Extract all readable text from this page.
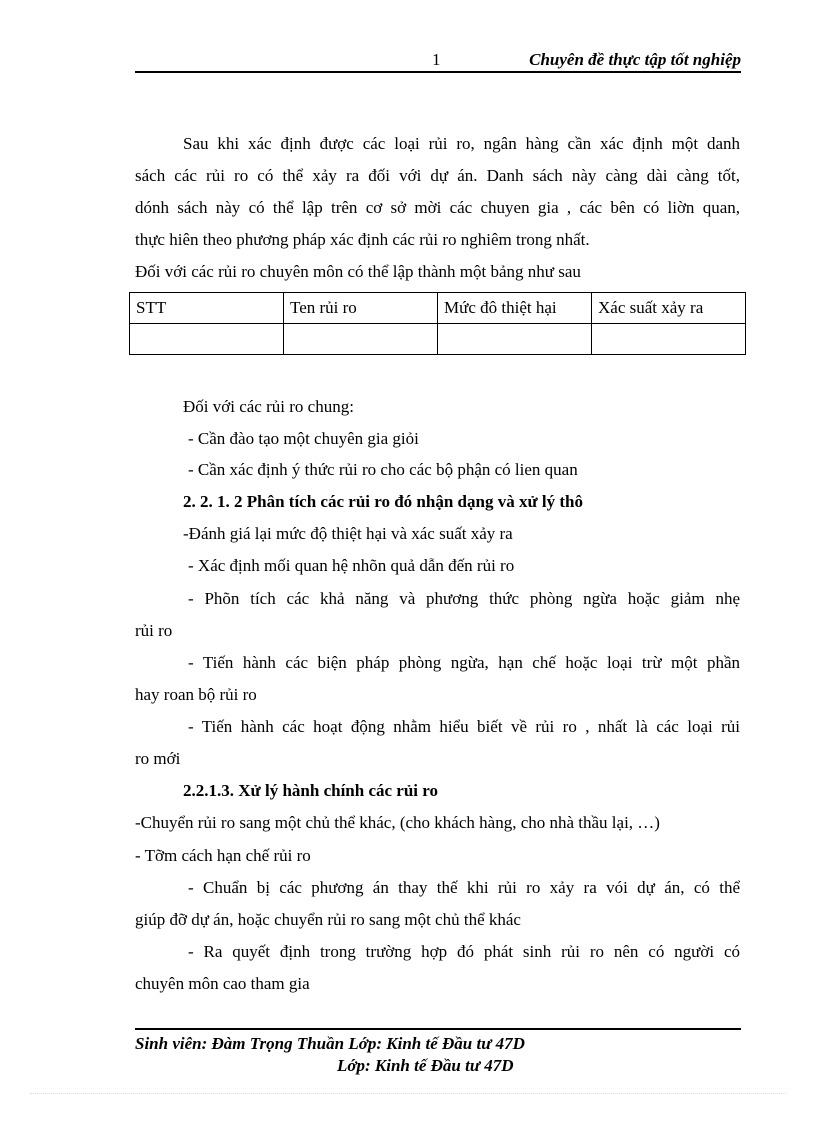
1	Chuyên đề thực tập tốt nghiệp
Sau khi xác định được các loại rủi ro, ngân hàng cần xác định một danh
sách các rủi ro có thể xảy ra đối với dự án. Danh sách này càng dài càng tốt,
dónh sách này có thể lập trên cơ sở mời các chuyen gia , các bên có liờn quan,
thực hiên theo phương pháp xác định các rủi ro nghiêm trong nhất.
Đối với các rủi ro chuyên môn có thể lập thành một bảng như sau
STT	Ten rủi ro	Mức đô thiệt hại	Xác suất xảy ra

Đối với các rủi ro chung:
- Cần đào tạo một chuyên gia giỏi
- Cần xác định ý thức rủi ro cho các bộ phận có lien quan
2. 2. 1. 2 Phân tích các rủi ro đó nhận dạng và xử lý thô
-Đánh giá lại mức độ thiệt hại và xác suất xảy ra
- Xác định mối quan hệ nhõn quả dẫn đến rủi ro
- Phõn tích các khả năng và phương thức phòng ngừa hoặc giảm nhẹ
rủi ro
- Tiến hành các biện pháp phòng ngừa, hạn chế hoặc loại trừ một phần
hay roan bộ rủi ro
- Tiến hành các hoạt động nhằm hiểu biết về rủi ro , nhất là các loại rủi
ro mới
2.2.1.3. Xử lý hành chính các rủi ro
-Chuyển rủi ro sang một chủ thể khác, (cho khách hàng, cho nhà thầu lại, …)
- Tỡm cách hạn chế rủi ro
- Chuẩn bị các phương án thay thế khi rủi ro xảy ra vói dự án, có thể
giúp đỡ dự án, hoặc chuyển rủi ro sang một chủ thể khác
- Ra quyết định trong trường hợp đó phát sinh rủi ro nên có người có
chuyên môn cao tham gia
Sinh viên: Đàm Trọng Thuần Lớp: Kinh tế Đầu tư 47D
Lớp: Kinh tế Đầu tư 47D
